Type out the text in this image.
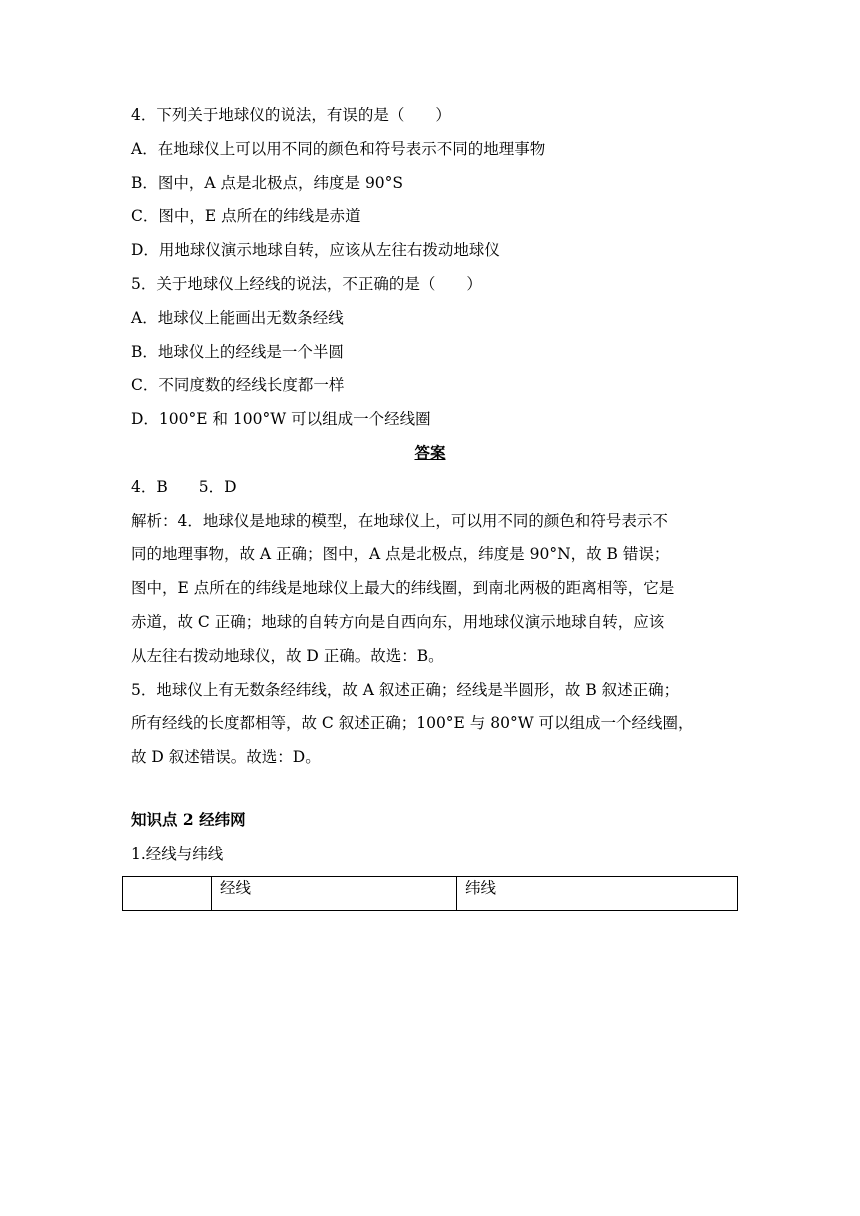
4．下列关于地球仪的说法，有误的是（　　）
A．在地球仪上可以用不同的颜色和符号表示不同的地理事物
B．图中，A 点是北极点，纬度是 90°S
C．图中，E 点所在的纬线是赤道
D．用地球仪演示地球自转，应该从左往右拨动地球仪
5．关于地球仪上经线的说法，不正确的是（　　）
A．地球仪上能画出无数条经线
B．地球仪上的经线是一个半圆
C．不同度数的经线长度都一样
D．100°E 和 100°W 可以组成一个经线圈
答案
4．B　　5．D
解析：4．地球仪是地球的模型，在地球仪上，可以用不同的颜色和符号表示不
同的地理事物，故 A 正确；图中，A 点是北极点，纬度是 90°N，故 B 错误；
图中，E 点所在的纬线是地球仪上最大的纬线圈，到南北两极的距离相等，它是
赤道，故 C 正确；地球的自转方向是自西向东，用地球仪演示地球自转，应该
从左往右拨动地球仪，故 D 正确。故选：B。
5．地球仪上有无数条经纬线，故 A 叙述正确；经线是半圆形，故 B 叙述正确；
所有经线的长度都相等，故 C 叙述正确；100°E 与 80°W 可以组成一个经线圈，
故 D 叙述错误。故选：D。
知识点 2 经纬网
1.经线与纬线
	经线	纬线
